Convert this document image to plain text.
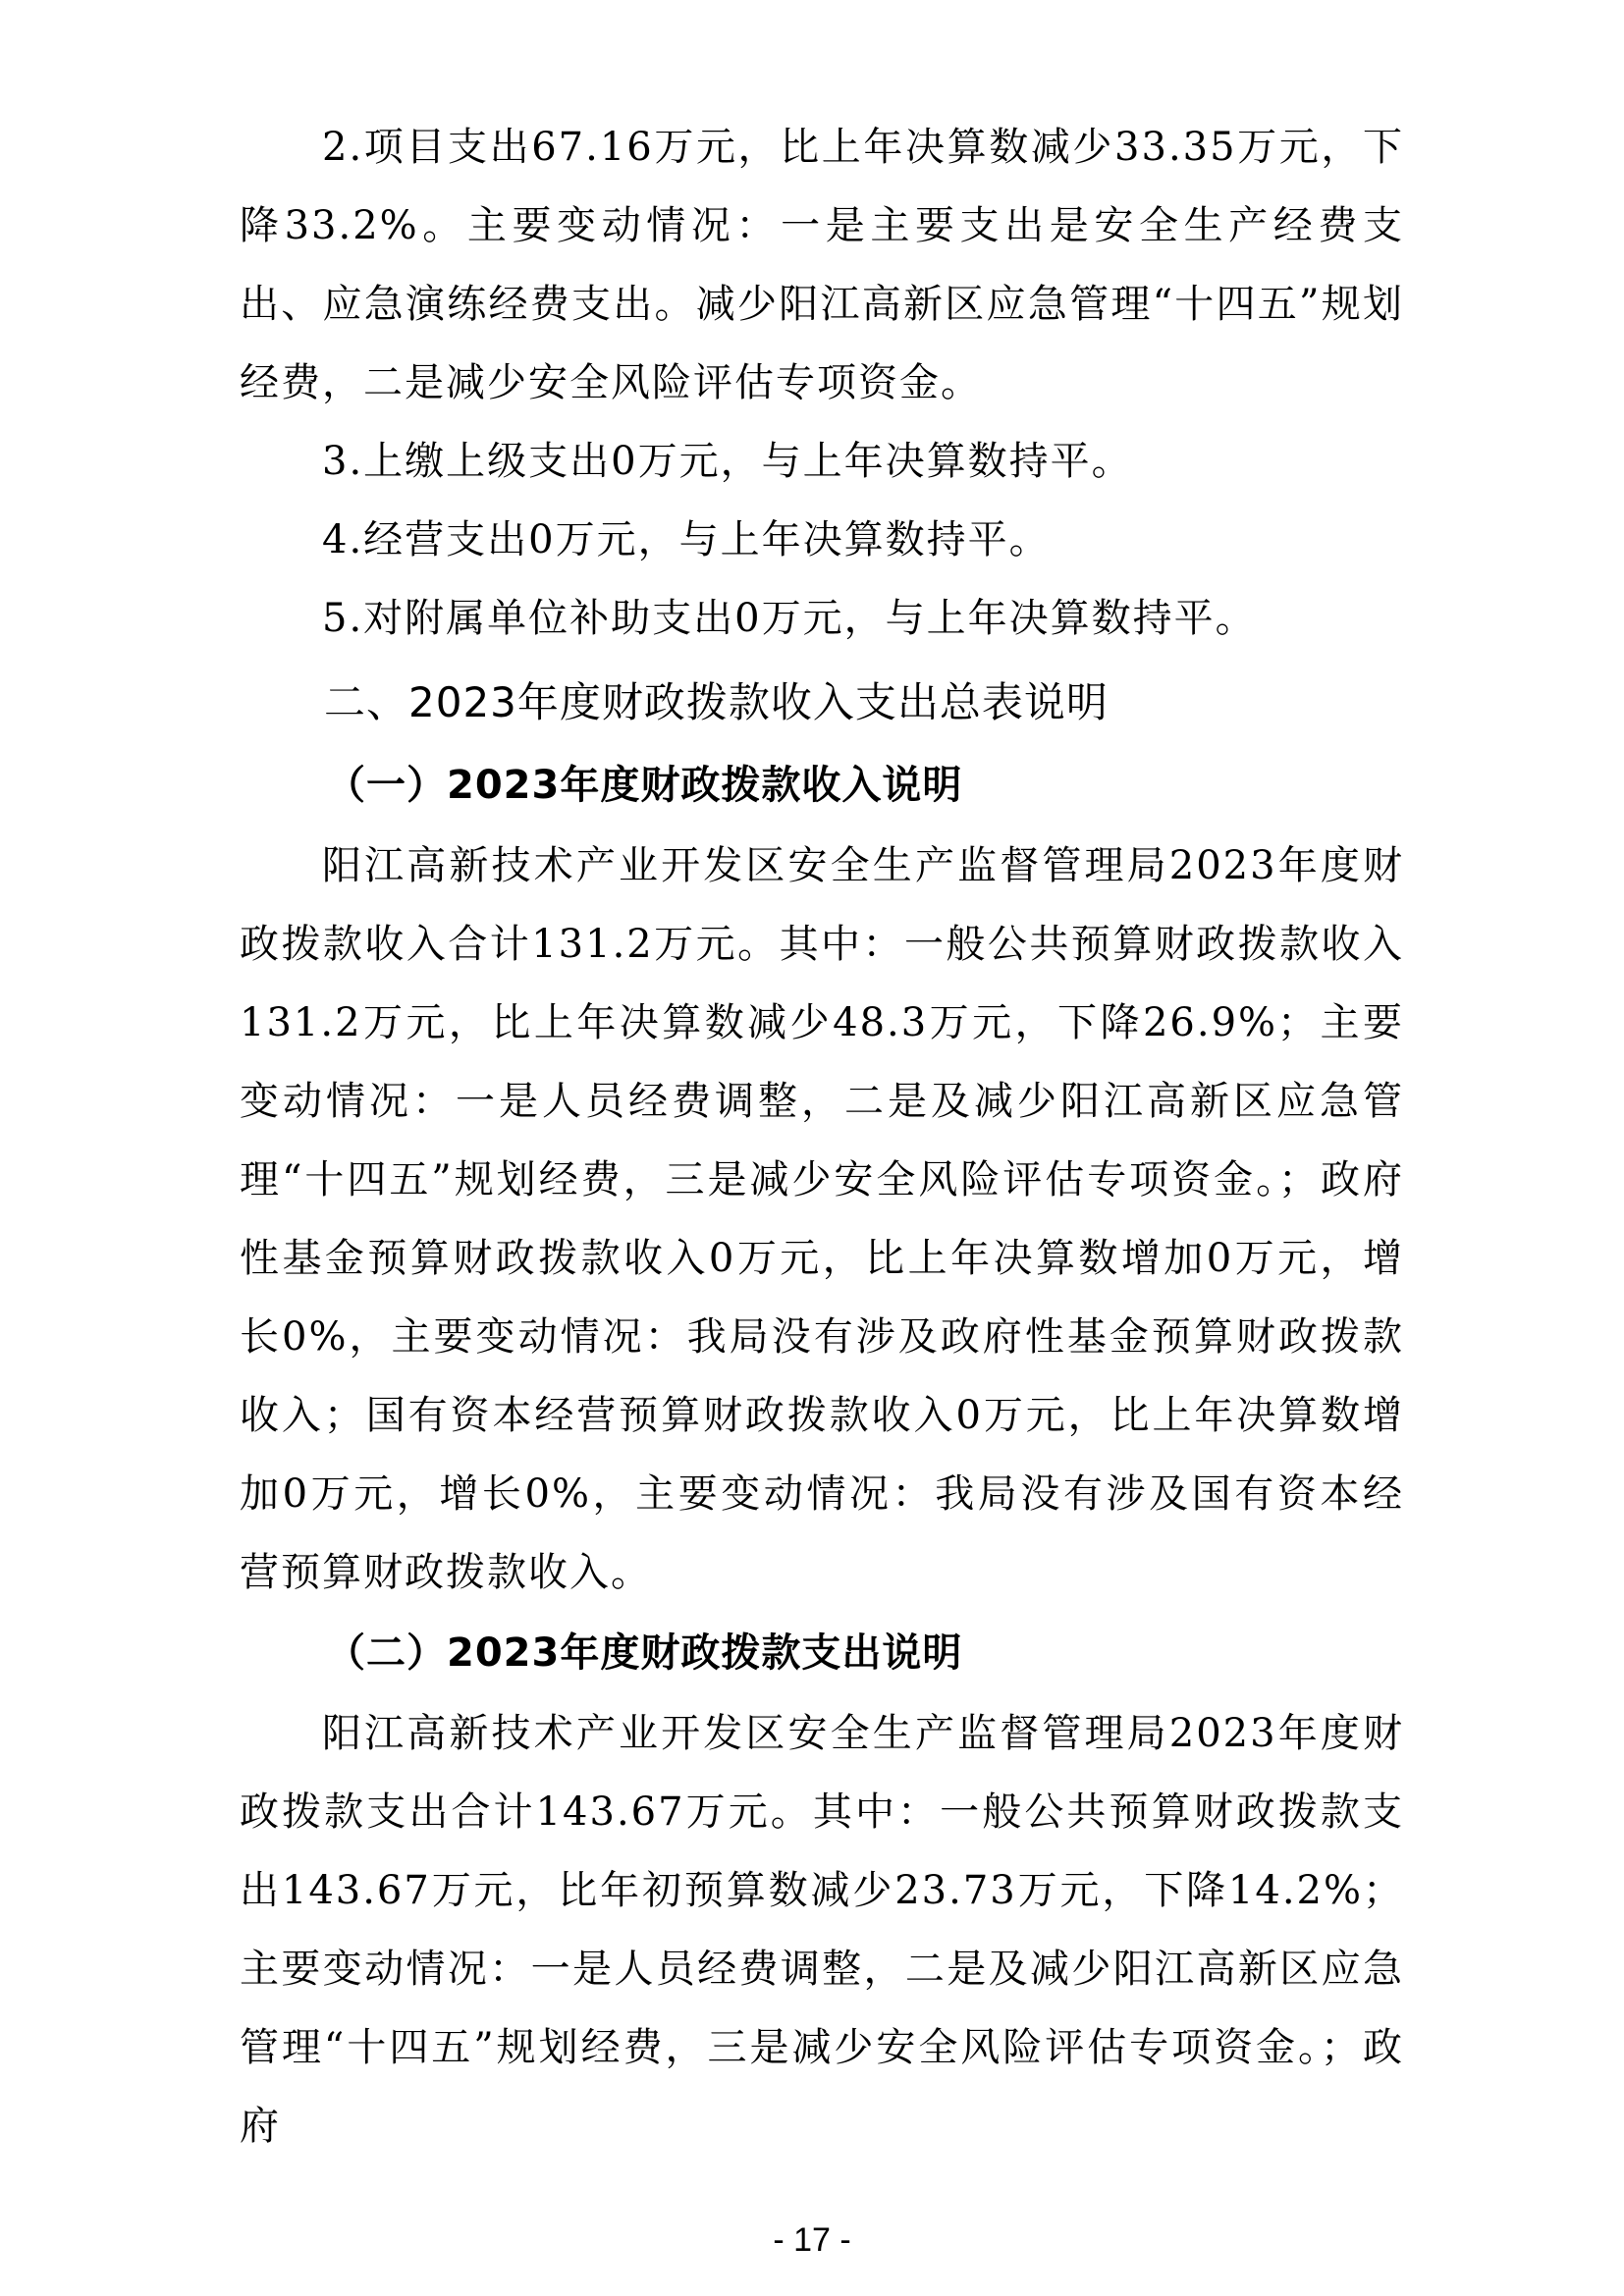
2.项目支出67.16万元，比上年决算数减少33.35万元，下降33.2%。主要变动情况：一是主要支出是安全生产经费支出、应急演练经费支出。减少阳江高新区应急管理“十四五”规划经费，二是减少安全风险评估专项资金。

3.上缴上级支出0万元，与上年决算数持平。

4.经营支出0万元，与上年决算数持平。

5.对附属单位补助支出0万元，与上年决算数持平。

二、2023年度财政拨款收入支出总表说明
（一）2023年度财政拨款收入说明

阳江高新技术产业开发区安全生产监督管理局2023年度财政拨款收入合计131.2万元。其中：一般公共预算财政拨款收入131.2万元，比上年决算数减少48.3万元，下降26.9%；主要变动情况：一是人员经费调整，二是及减少阳江高新区应急管理“十四五”规划经费，三是减少安全风险评估专项资金。；政府性基金预算财政拨款收入0万元，比上年决算数增加0万元，增长0%，主要变动情况：我局没有涉及政府性基金预算财政拨款收入；国有资本经营预算财政拨款收入0万元，比上年决算数增加0万元，增长0%，主要变动情况：我局没有涉及国有资本经营预算财政拨款收入。

（二）2023年度财政拨款支出说明

阳江高新技术产业开发区安全生产监督管理局2023年度财政拨款支出合计143.67万元。其中：一般公共预算财政拨款支出143.67万元，比年初预算数减少23.73万元，下降14.2%；主要变动情况：一是人员经费调整，二是及减少阳江高新区应急管理“十四五”规划经费，三是减少安全风险评估专项资金。；政府

- 17 -
